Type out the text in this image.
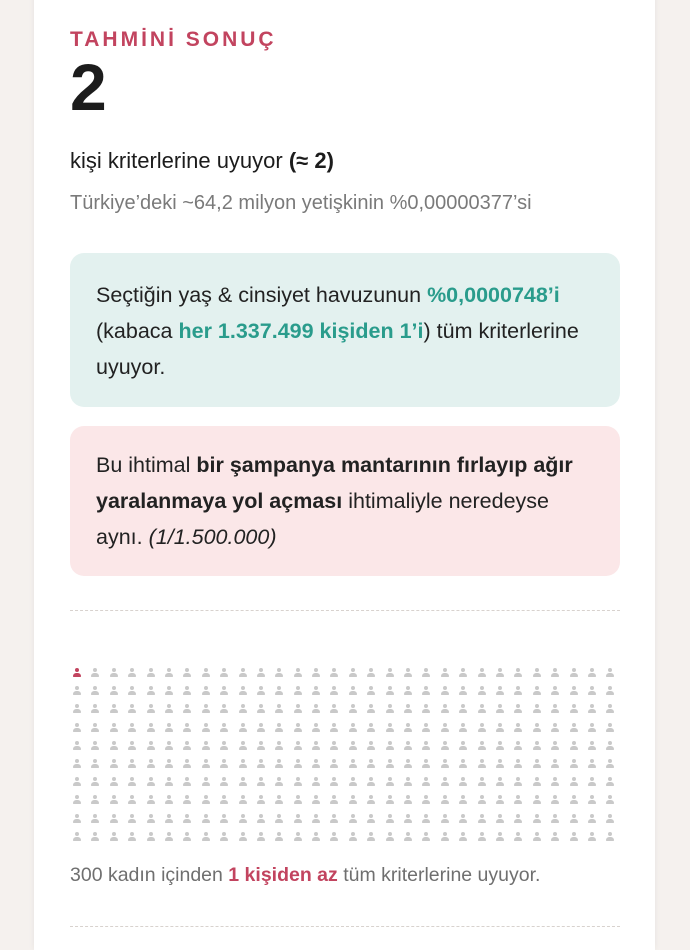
TAHMİNİ SONUÇ
2
kişi kriterlerine uyuyor (≈ 2)
Türkiye’deki ~64,2 milyon yetişkinin %0,00000377’si
Seçtiğin yaş & cinsiyet havuzunun %0,0000748’i (kabaca her 1.337.499 kişiden 1’i) tüm kriterlerine uyuyor.
Bu ihtimal bir şampanya mantarının fırlayıp ağır yaralanmaya yol açması ihtimaliyle neredeyse aynı. (1/1.500.000)
300 kadın içinden 1 kişiden az tüm kriterlerine uyuyor.
